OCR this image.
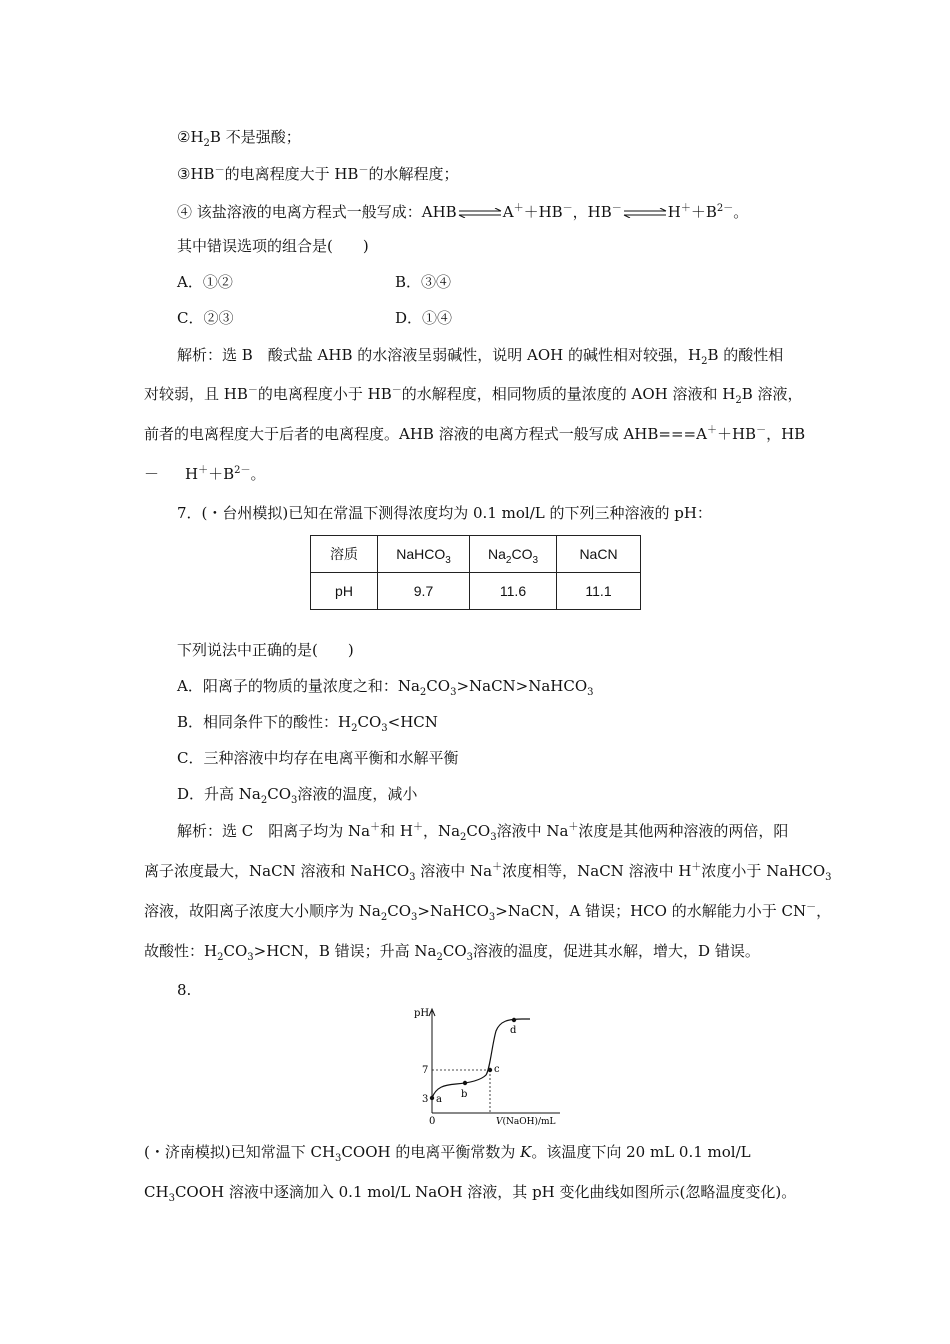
$②H_2B$ 不是强酸；
③HB－的电离程度大于 HB－的水解程度；
④ 该盐溶液的电离方程式一般写成：AHB⇌A＋＋HB－，$HB^-\rightleftharpoons H^++B^{2-}$。
其中错误选项的组合是(　　)
A．①②	B．③④
C．②③	D．①④
解析：选 B　酸式盐 AHB 的水溶液呈弱碱性，说明 AOH 的碱性相对较强，$H_2B$ 的酸性相
对较弱，且 HB－的电离程度小于 HB－的水解程度，相同物质的量浓度的 AOH 溶液和 $H_2B$ 溶液，
前者的电离程度大于后者的电离程度。AHB 溶液的电离方程式一般写成 AHB===A＋＋HB－，HB
－ $H^++B^{2-}$。
7．(・台州模拟)已知在常温下测得浓度均为 0.1 mol/L 的下列三种溶液的 pH：
溶质	NaHCO$_3$	$Na_2CO_3$	NaCN
pH	9.7	11.6	11.1
下列说法中正确的是(　　)
A．阳离子的物质的量浓度之和：$Na_2CO_3>NaCN>NaHCO_3$
B．相同条件下的酸性：$H_2CO_3<HCN$
C．三种溶液中均存在电离平衡和水解平衡
D．升高 $Na_2CO_3$溶液的温度，减小
解析：选 C　阳离子均为 Na＋和 H＋，$Na_2CO_3$溶液中 Na＋浓度是其他两种溶液的两倍，阳
离子浓度最大，NaCN 溶液和 NaHCO$_3$ 溶液中 Na＋浓度相等，NaCN 溶液中 H＋浓度小于 NaHCO$_3$
溶液，故阳离子浓度大小顺序为 $Na_2CO_3>NaHCO_3>NaCN$，A 错误；HCO 的水解能力小于 CN－，
故酸性：$H_2CO_3>HCN$，B 错误；升高 $Na_2CO_3$溶液的温度，促进其水解，增大，D 错误。
8.
pH
7
3
0
a b
c
d
V(NaOH)/mL
(・济南模拟)已知常温下 $CH_3COOH$ 的电离平衡常数为 K。该温度下向 20 mL 0.1 mol/L
$CH_3COOH$ 溶液中逐滴加入 0.1 mol/L NaOH 溶液，其 pH 变化曲线如图所示(忽略温度变化)。
